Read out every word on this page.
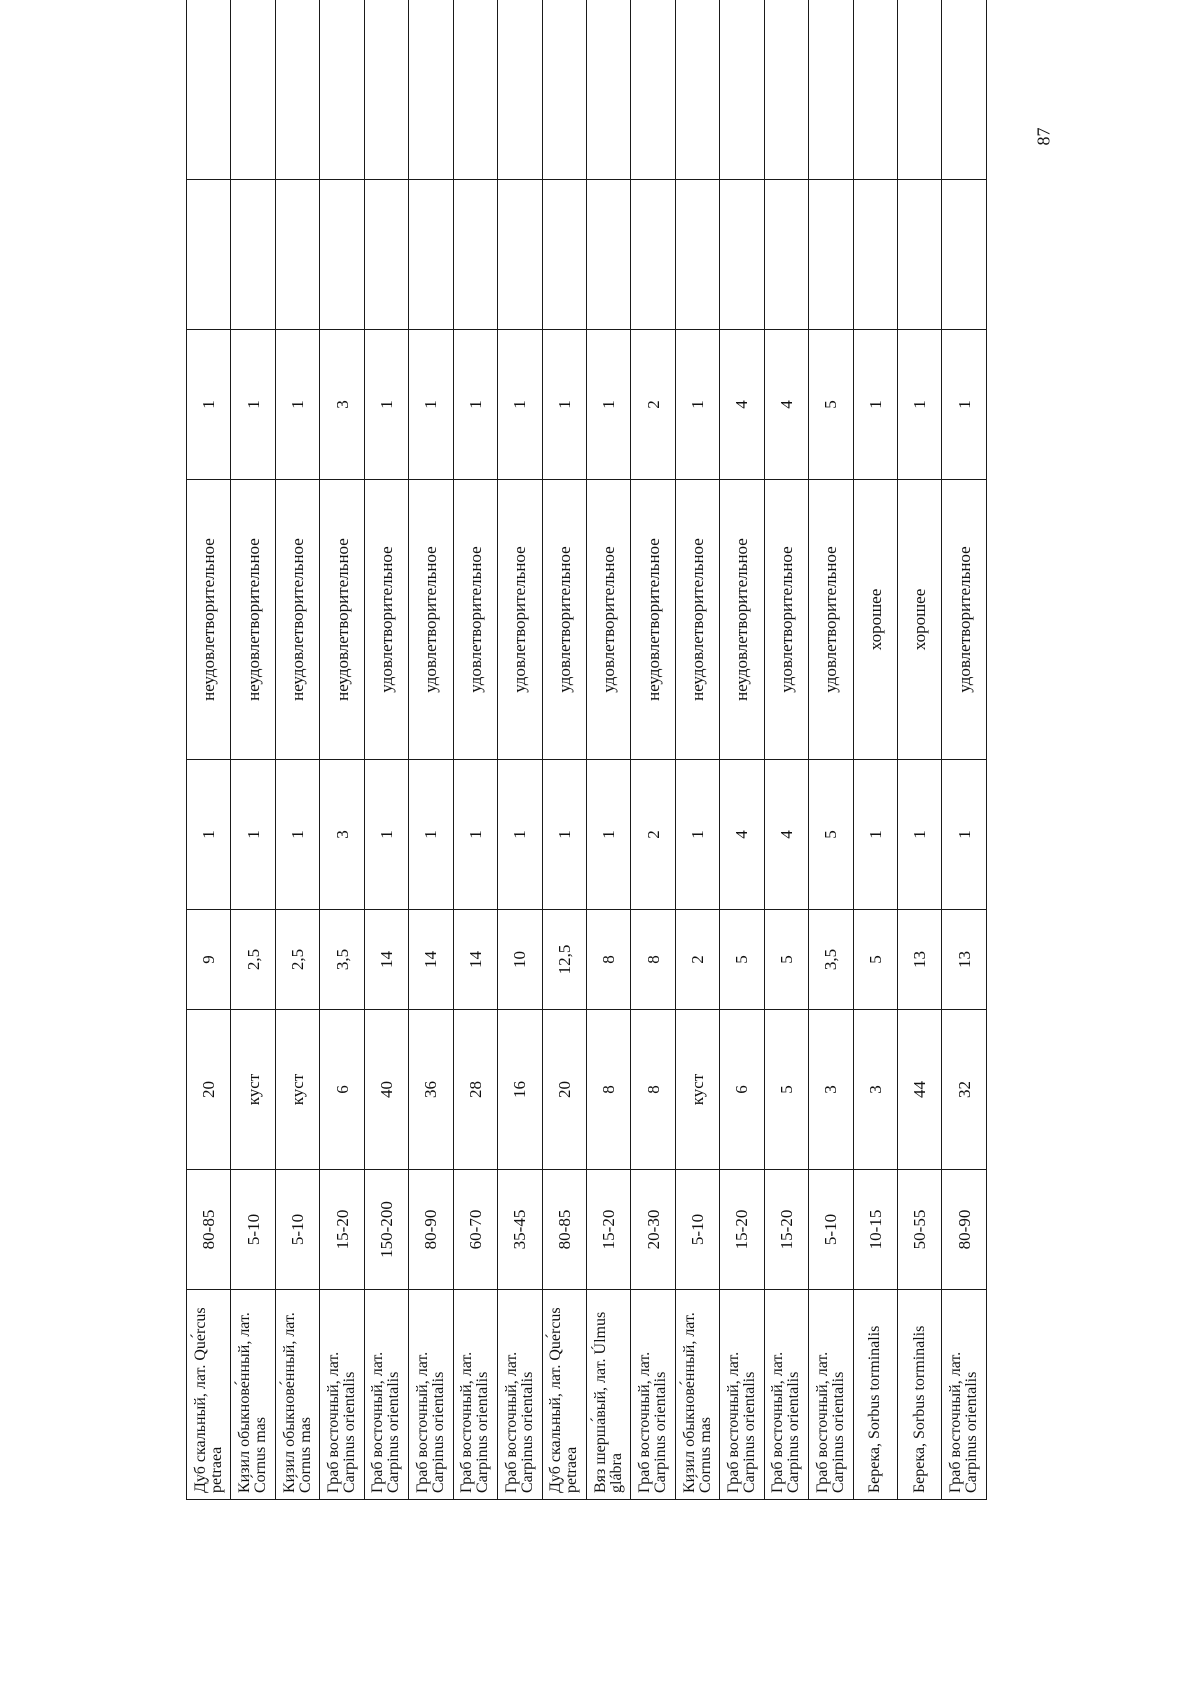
Дуб скальный, лат. Quе́rcus pе́traea	80-85	20	9	1	неудовлетворительное	1		
Кизил обыкнове́нный, лат. Со́rnus mas	5-10	куст	2,5	1	неудовлетворительное	1		
Кизил обыкнове́нный, лат. Со́rnus mas	5-10	куст	2,5	1	неудовлетворительное	1		
Граб восточный, лат. Carpinus orientalis	15-20	6	3,5	3	неудовлетворительное	3		
Граб восточный, лат. Carpinus orientalis	150-200	40	14	1	удовлетворительное	1		
Граб восточный, лат. Carpinus orientalis	80-90	36	14	1	удовлетворительное	1		
Граб восточный, лат. Carpinus orientalis	60-70	28	14	1	удовлетворительное	1		
Граб восточный, лат. Carpinus orientalis	35-45	16	10	1	удовлетворительное	1		
Дуб скальный, лат. Quе́rcus pе́traea	80-85	20	12,5	1	удовлетворительное	1		
Вяз шерша́вый, лат. Úlmus glábra	15-20	8	8	1	удовлетворительное	1		
Граб восточный, лат. Carpinus orientalis	20-30	8	8	2	неудовлетворительное	2		
Кизил обыкнове́нный, лат. Со́rnus mas	5-10	куст	2	1	неудовлетворительное	1		
Граб восточный, лат. Carpinus orientalis	15-20	6	5	4	неудовлетворительное	4		
Граб восточный, лат. Carpinus orientalis	15-20	5	5	4	удовлетворительное	4		
Граб восточный, лат. Carpinus orientalis	5-10	3	3,5	5	удовлетворительное	5		
Берека, Sorbus torminalis	10-15	3	5	1	хорошее	1		
Берека, Sorbus torminalis	50-55	44	13	1	хорошее	1		
Граб восточный, лат. Carpinus orientalis	80-90	32	13	1	удовлетворительное	1		
87
